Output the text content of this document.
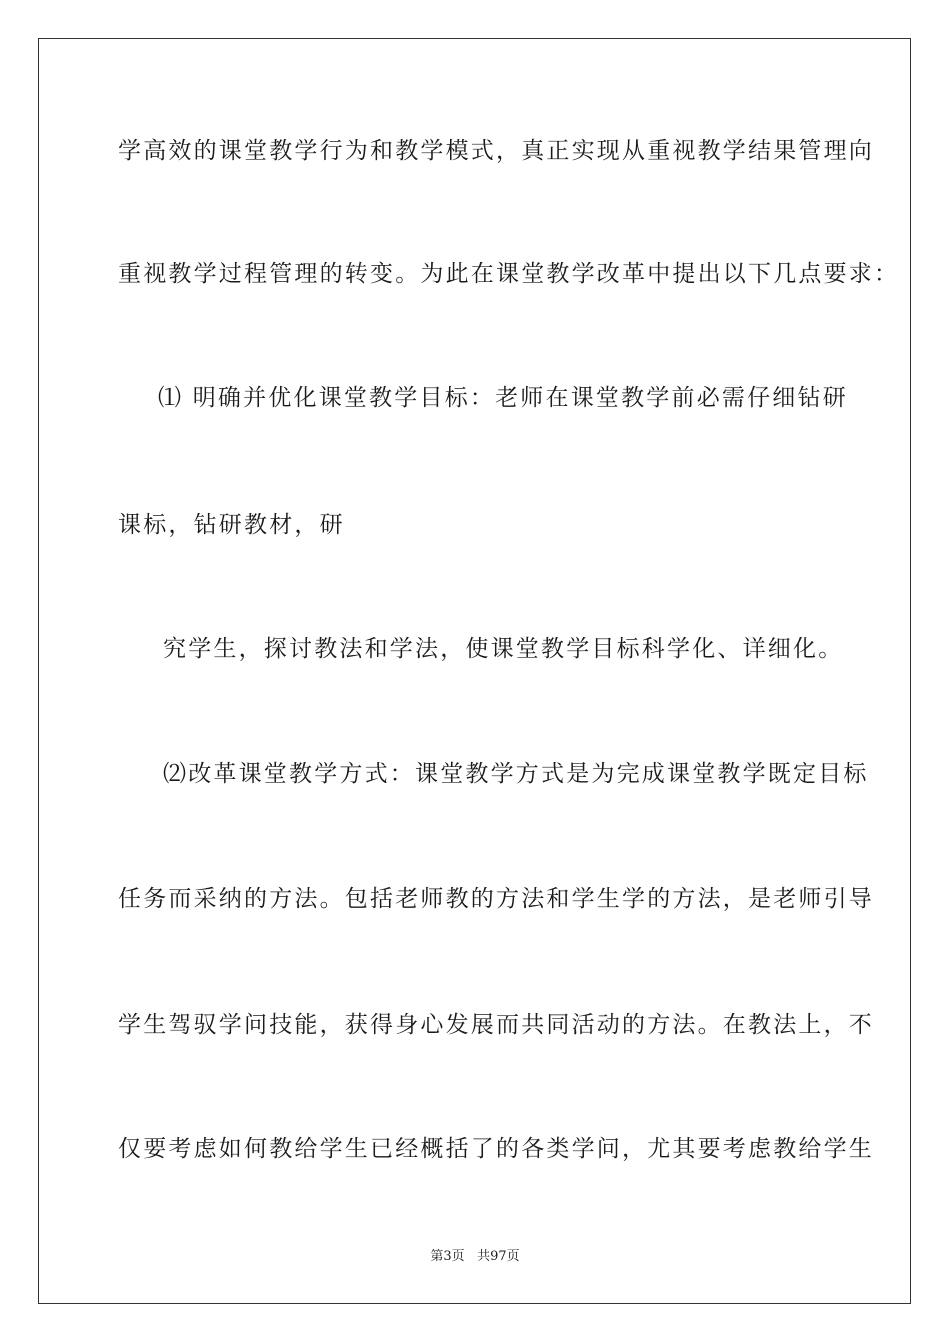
学高效的课堂教学行为和教学模式，真正实现从重视教学结果管理向
重视教学过程管理的转变。为此在课堂教学改革中提出以下几点要求：
⑴ 明确并优化课堂教学目标：老师在课堂教学前必需仔细钻研
课标，钻研教材，研
究学生，探讨教法和学法，使课堂教学目标科学化、详细化。
⑵改革课堂教学方式：课堂教学方式是为完成课堂教学既定目标
任务而采纳的方法。包括老师教的方法和学生学的方法，是老师引导
学生驾驭学问技能，获得身心发展而共同活动的方法。在教法上，不
仅要考虑如何教给学生已经概括了的各类学问，尤其要考虑教给学生
第3页 共97页
